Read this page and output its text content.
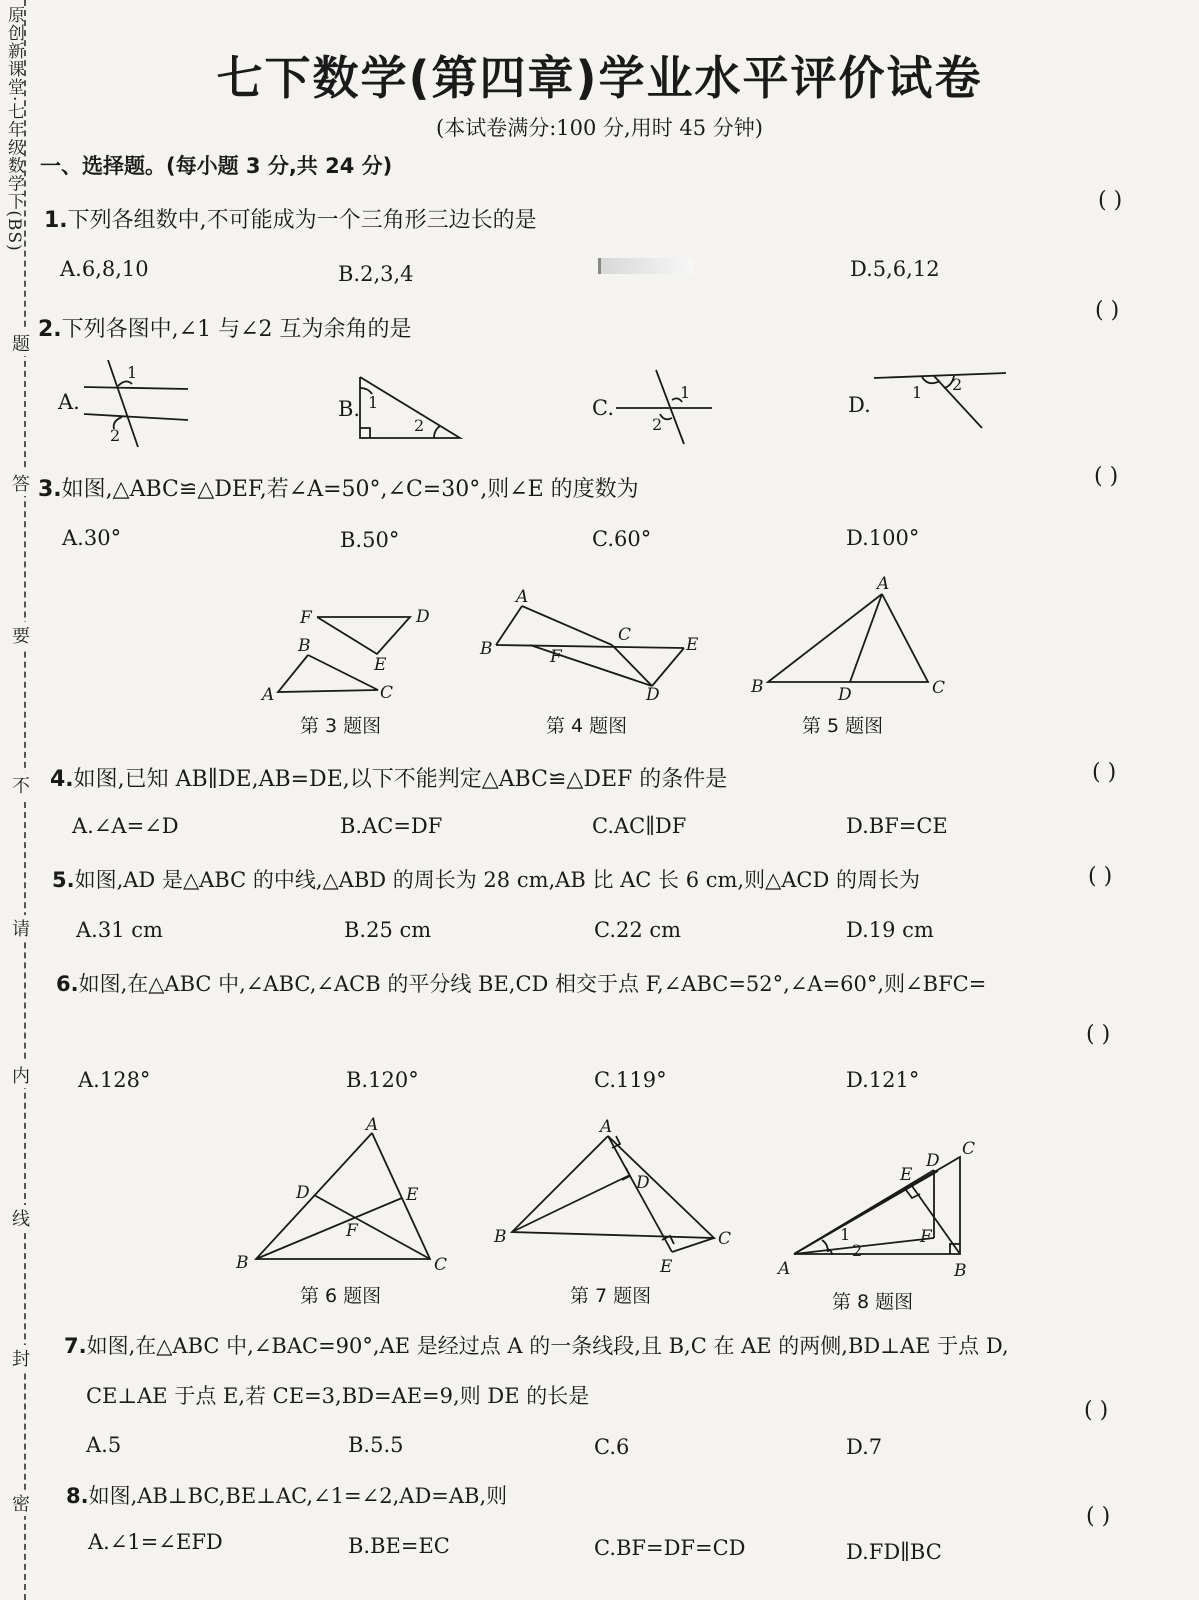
原创新课堂·七年级数学下(BS)
题
答
要
不
请
内
线
封
密
七下数学(第四章)学业水平评价试卷
(本试卷满分:100 分,用时 45 分钟)
一、选择题。(每小题 3 分,共 24 分)
1.下列各组数中,不可能成为一个三角形三边长的是
( )
A.6,8,10	B.2,3,4	D.5,6,12
2.下列各图中,∠1 与∠2 互为余角的是
( )
A.	B.	C.	D.
1
2
1
2
1
2
1 2
F	D
B
E
A	C
A
B
C	E
F
D
A
B	D	C
A
D	E
F
B	C
A
D
B	C
E
C
E
D
F
A	B
1
2
3.如图,△ABC≌△DEF,若∠A=50°,∠C=30°,则∠E 的度数为
( )
A.30°	B.50°	C.60°	D.100°
第 3 题图	第 4 题图	第 5 题图
4.如图,已知 AB∥DE,AB=DE,以下不能判定△ABC≌△DEF 的条件是	( )
A.∠A=∠D	B.AC=DF	C.AC∥DF	D.BF=CE
5.如图,AD 是△ABC 的中线,△ABD 的周长为 28 cm,AB 比 AC 长 6 cm,则△ACD 的周长为	( )
A.31 cm	B.25 cm	C.22 cm	D.19 cm
6.如图,在△ABC 中,∠ABC,∠ACB 的平分线 BE,CD 相交于点 F,∠ABC=52°,∠A=60°,则∠BFC=
( )
A.128°	B.120°	C.119°	D.121°
第 6 题图	第 7 题图	第 8 题图
7.如图,在△ABC 中,∠BAC=90°,AE 是经过点 A 的一条线段,且 B,C 在 AE 的两侧,BD⊥AE 于点 D,
CE⊥AE 于点 E,若 CE=3,BD=AE=9,则 DE 的长是
( )
A.5	B.5.5	C.6	D.7
8.如图,AB⊥BC,BE⊥AC,∠1=∠2,AD=AB,则
( )
A.∠1=∠EFD	B.BE=EC	C.BF=DF=CD	D.FD∥BC
